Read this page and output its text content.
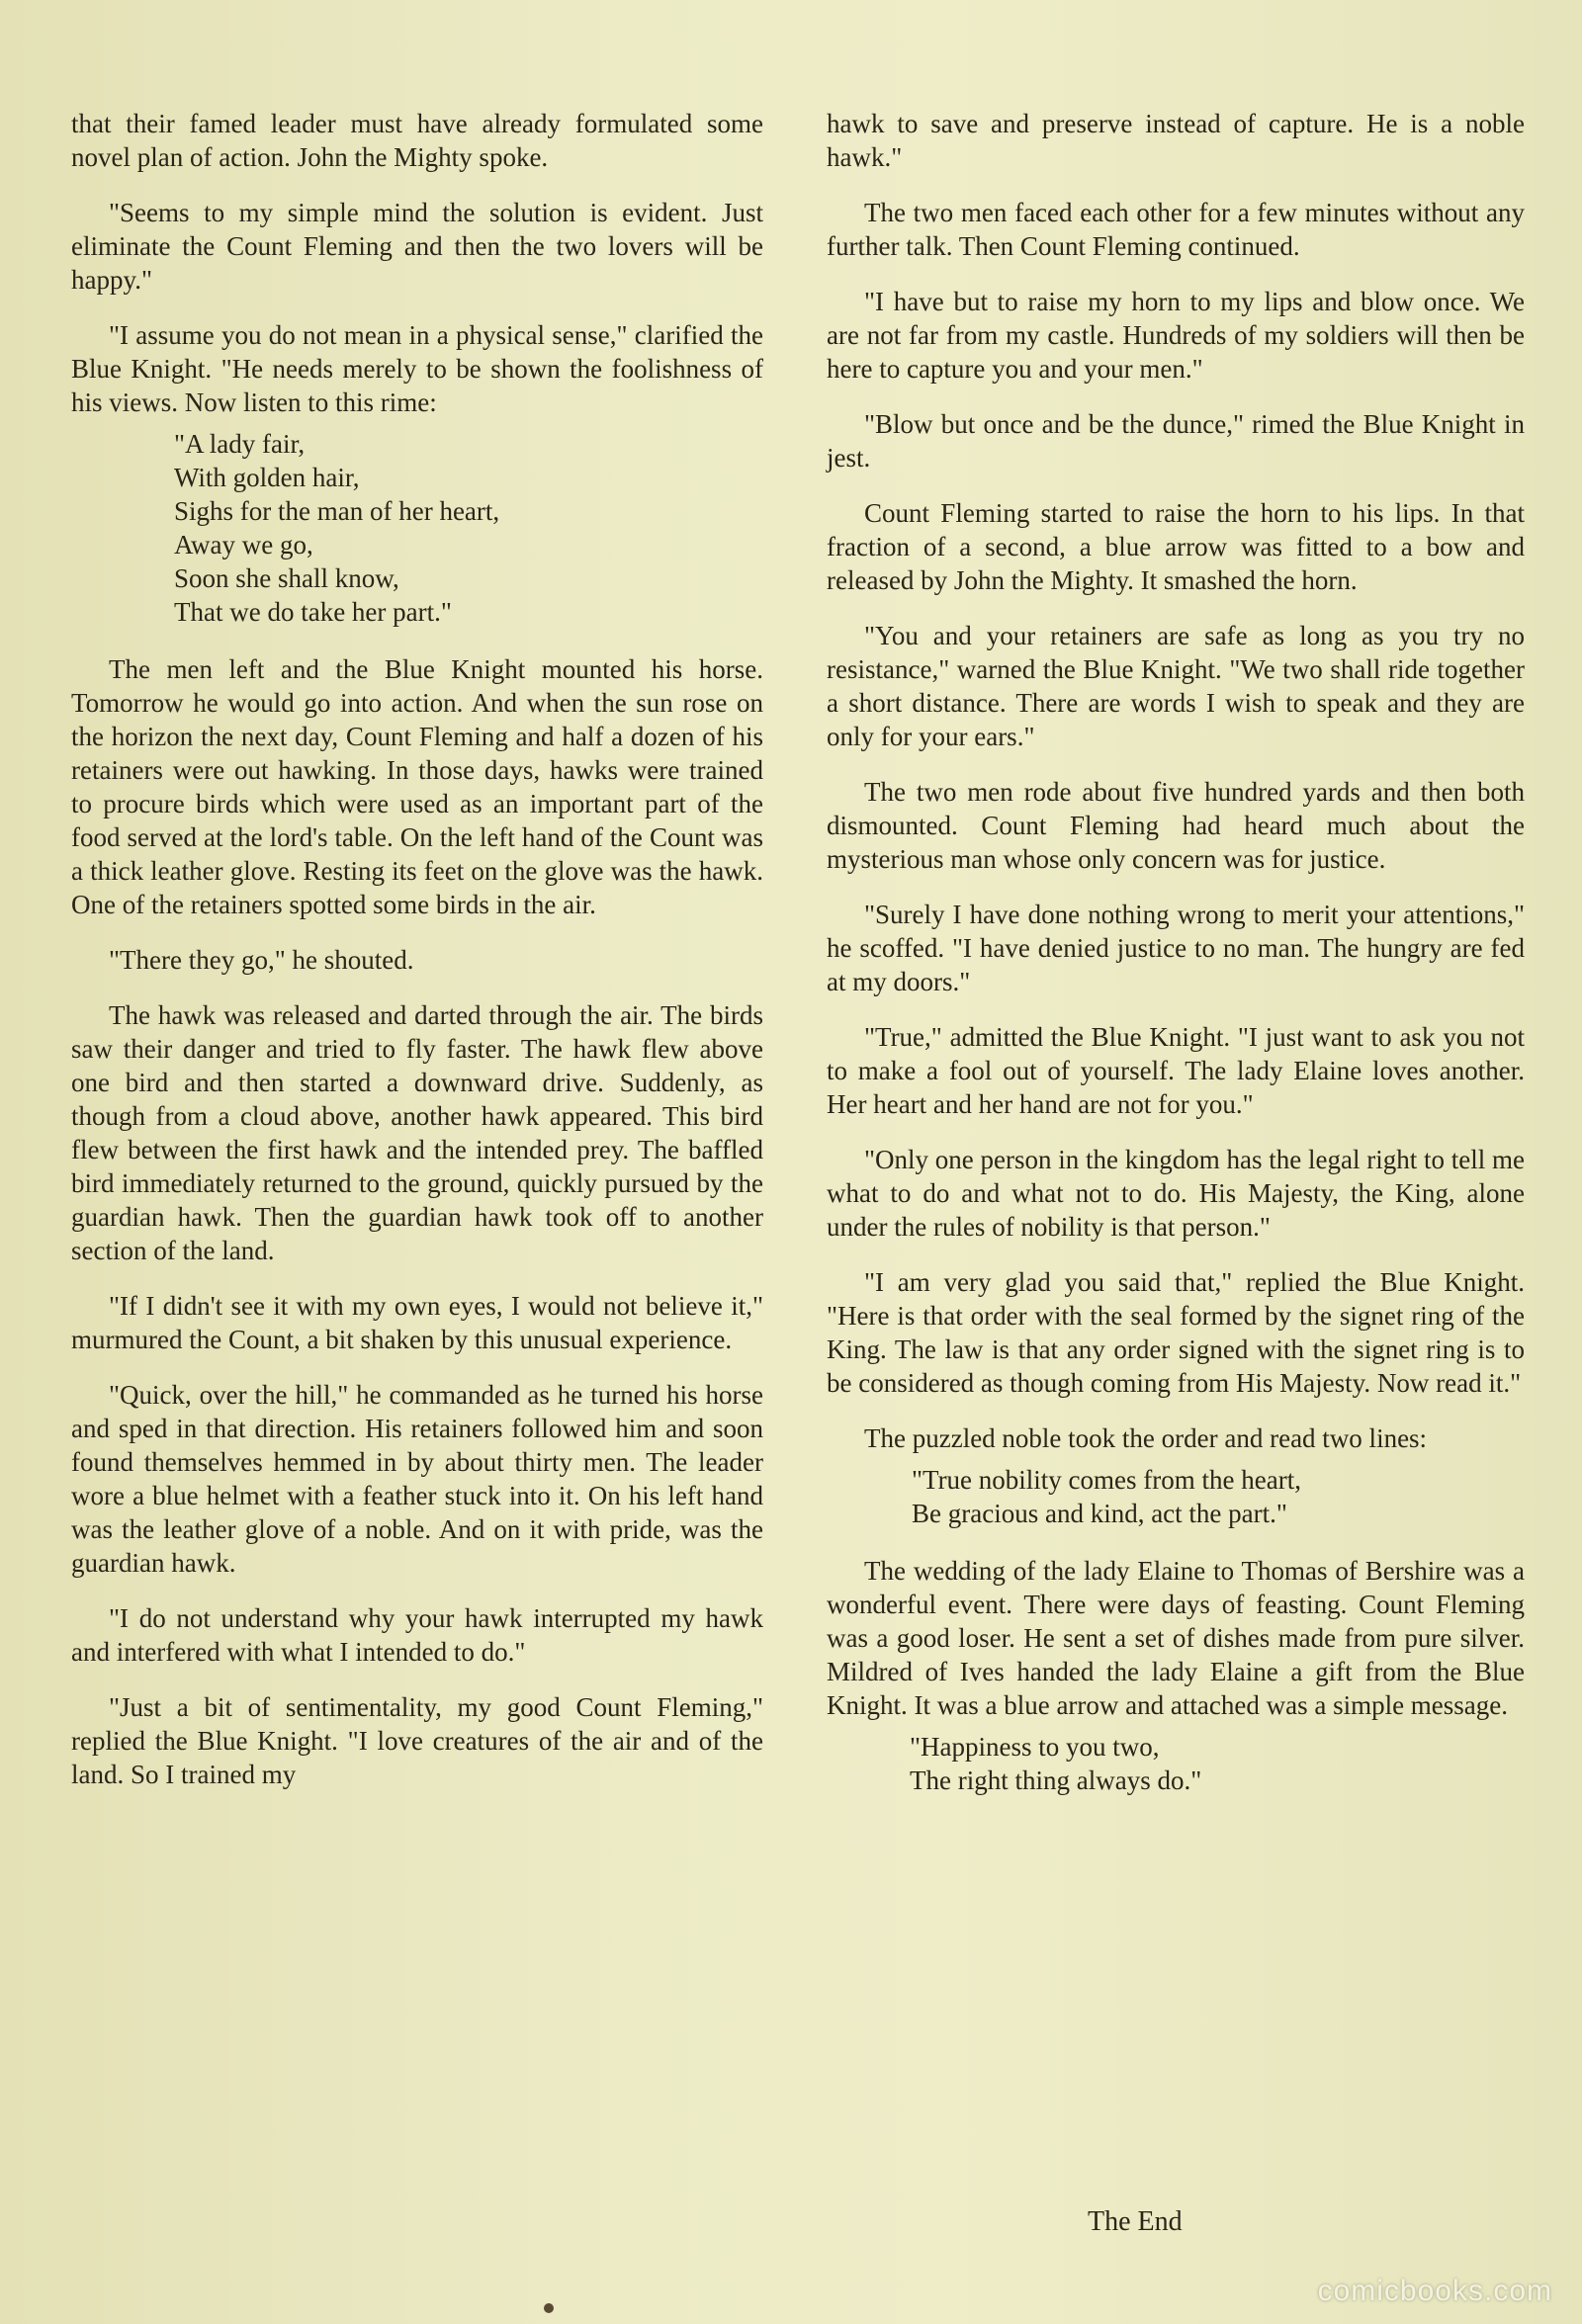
that their famed leader must have already formulated some novel plan of action. John the Mighty spoke.

"Seems to my simple mind the solution is evident. Just eliminate the Count Fleming and then the two lovers will be happy."

"I assume you do not mean in a physical sense," clarified the Blue Knight. "He needs merely to be shown the foolishness of his views. Now listen to this rime:

"A lady fair,
With golden hair,
Sighs for the man of her heart,
Away we go,
Soon she shall know,
That we do take her part."

The men left and the Blue Knight mounted his horse. Tomorrow he would go into action. And when the sun rose on the horizon the next day, Count Fleming and half a dozen of his retainers were out hawking. In those days, hawks were trained to procure birds which were used as an important part of the food served at the lord's table. On the left hand of the Count was a thick leather glove. Resting its feet on the glove was the hawk. One of the retainers spotted some birds in the air.

"There they go," he shouted.

The hawk was released and darted through the air. The birds saw their danger and tried to fly faster. The hawk flew above one bird and then started a downward drive. Suddenly, as though from a cloud above, another hawk appeared. This bird flew between the first hawk and the intended prey. The baffled bird immediately returned to the ground, quickly pursued by the guardian hawk. Then the guardian hawk took off to another section of the land.

"If I didn't see it with my own eyes, I would not believe it," murmured the Count, a bit shaken by this unusual experience.

"Quick, over the hill," he commanded as he turned his horse and sped in that direction. His retainers followed him and soon found themselves hemmed in by about thirty men. The leader wore a blue helmet with a feather stuck into it. On his left hand was the leather glove of a noble. And on it with pride, was the guardian hawk.

"I do not understand why your hawk interrupted my hawk and interfered with what I intended to do."

"Just a bit of sentimentality, my good Count Fleming," replied the Blue Knight. "I love creatures of the air and of the land. So I trained my

hawk to save and preserve instead of capture. He is a noble hawk."

The two men faced each other for a few minutes without any further talk. Then Count Fleming continued.

"I have but to raise my horn to my lips and blow once. We are not far from my castle. Hundreds of my soldiers will then be here to capture you and your men."

"Blow but once and be the dunce," rimed the Blue Knight in jest.

Count Fleming started to raise the horn to his lips. In that fraction of a second, a blue arrow was fitted to a bow and released by John the Mighty. It smashed the horn.

"You and your retainers are safe as long as you try no resistance," warned the Blue Knight. "We two shall ride together a short distance. There are words I wish to speak and they are only for your ears."

The two men rode about five hundred yards and then both dismounted. Count Fleming had heard much about the mysterious man whose only concern was for justice.

"Surely I have done nothing wrong to merit your attentions," he scoffed. "I have denied justice to no man. The hungry are fed at my doors."

"True," admitted the Blue Knight. "I just want to ask you not to make a fool out of yourself. The lady Elaine loves another. Her heart and her hand are not for you."

"Only one person in the kingdom has the legal right to tell me what to do and what not to do. His Majesty, the King, alone under the rules of nobility is that person."

"I am very glad you said that," replied the Blue Knight. "Here is that order with the seal formed by the signet ring of the King. The law is that any order signed with the signet ring is to be considered as though coming from His Majesty. Now read it."

The puzzled noble took the order and read two lines:

"True nobility comes from the heart,
Be gracious and kind, act the part."

The wedding of the lady Elaine to Thomas of Bershire was a wonderful event. There were days of feasting. Count Fleming was a good loser. He sent a set of dishes made from pure silver. Mildred of Ives handed the lady Elaine a gift from the Blue Knight. It was a blue arrow and attached was a simple message.

"Happiness to you two,
The right thing always do."
The End
comicbooks.com
